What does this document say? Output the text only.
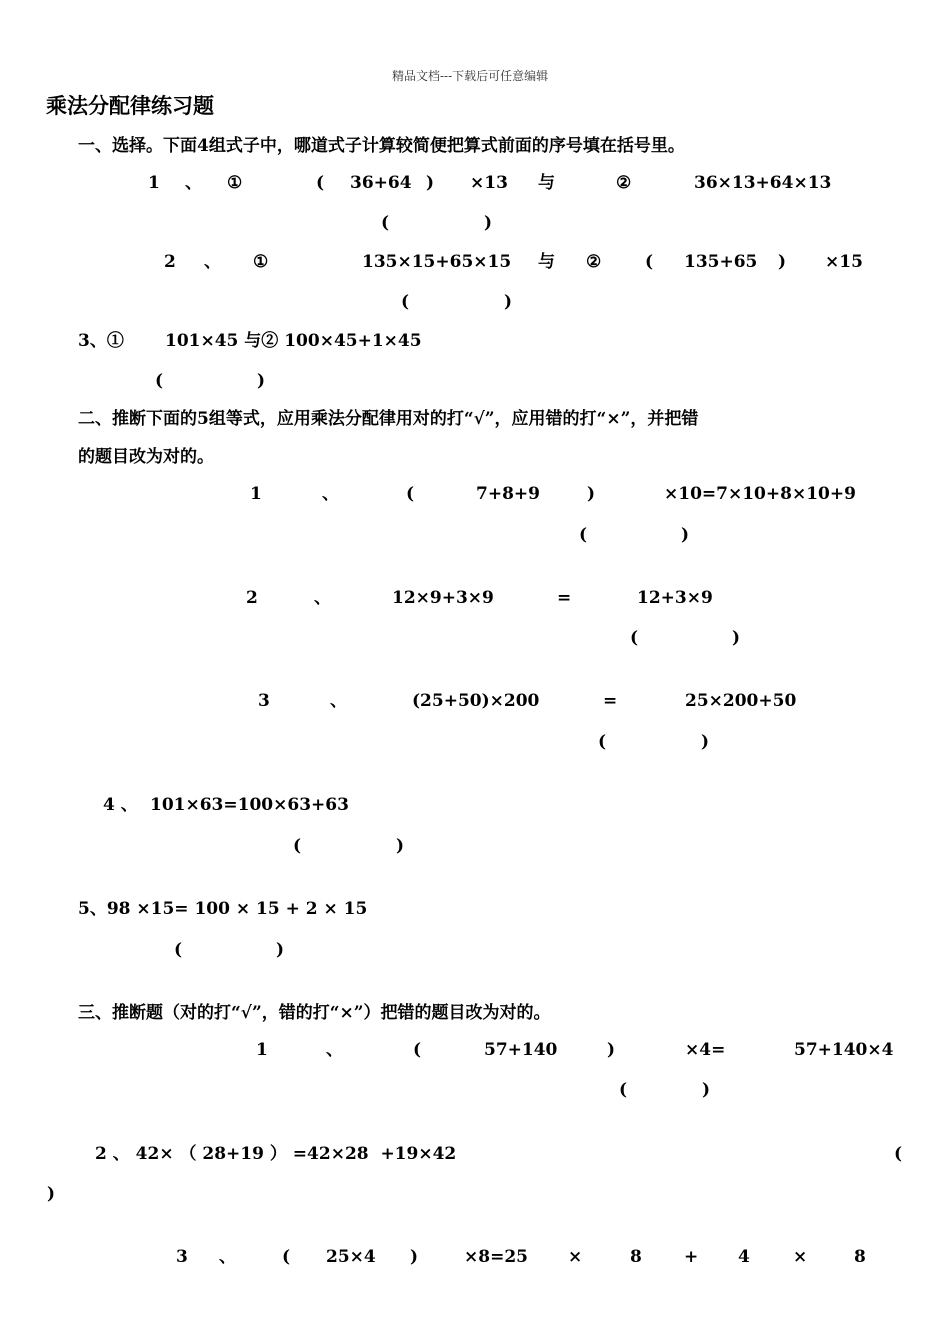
精品文档---下载后可任意编辑
乘法分配律练习题
一、选择。下面4组式子中，哪道式子计算较简便把算式前面的序号填在括号里。
1 、 ①	( 36+64 ) ×13 与	②	36×13+64×13
(	)
2 、 ①	135×15+65×15 与 ②	( 135+65 ) ×15
(	)
3、① 101×45 与② 100×45+1×45
(	)
二、推断下面的5组等式，应用乘法分配律用对的打“√”，应用错的打“×”，并把错
的题目改为对的。
1	、	(	7+8+9	)	×10=7×10+8×10+9
(	)
2	、	12×9+3×9	=	12+3×9
(	)
3	、	(25+50)×200	=	25×200+50
(	)
4 、 101×63=100×63+63
(	)
5、98 ×15= 100 × 15 + 2 × 15
(	)
三、推断题（对的打“√”，错的打“×”）把错的题目改为对的。
1	、	(	57+140	)	×4=	57+140×4
(	)
2 、 42× （ 28+19 ） =42×28  +19×42	(
)
3 、	( 25×4 )	×8=25 ×	8 + 4	×	8
